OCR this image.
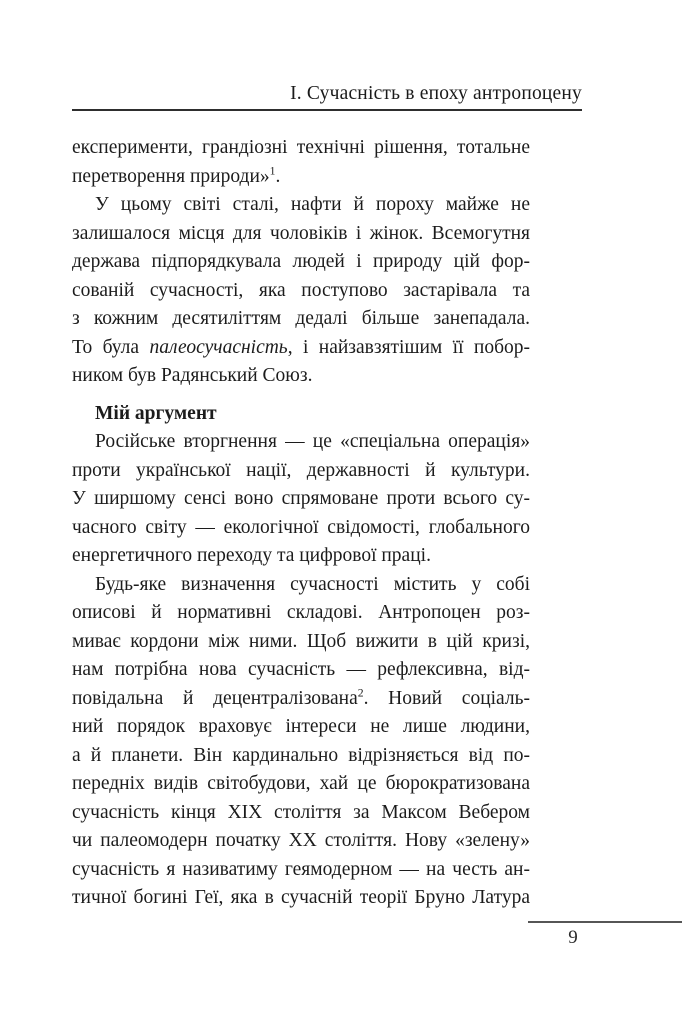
І. Сучасність в епоху антропоцену
експерименти, грандіозні технічні рішення, тотальне
перетворення природи»$^1$.
У цьому світі сталі, нафти й пороху майже не
залишалося місця для чоловіків і жінок. Всемогутня
держава підпорядкувала людей і природу цій фор-
сованій сучасності, яка поступово застарівала та
з кожним десятиліттям дедалі більше занепадала.
То була палеосучасність, і найзавзятішим її побор-
ником був Радянський Союз.
Мій аргумент
Російське вторгнення — це «спеціальна операція»
проти української нації, державності й культури.
У ширшому сенсі воно спрямоване проти всього су-
часного світу — екологічної свідомості, глобального
енергетичного переходу та цифрової праці.
Будь-яке визначення сучасності містить у собі
описові й нормативні складові. Антропоцен роз-
миває кордони між ними. Щоб вижити в цій кризі,
нам потрібна нова сучасність — рефлексивна, від-
повідальна й децентралізована$^2$. Новий соціаль-
ний порядок враховує інтереси не лише людини,
а й планети. Він кардинально відрізняється від по-
передніх видів світобудови, хай це бюрократизована
сучасність кінця XIX століття за Максом Вебером
чи палеомодерн початку XX століття. Нову «зелену»
сучасність я називатиму геямодерном — на честь ан-
тичної богині Геї, яка в сучасній теорії Бруно Латура
9
